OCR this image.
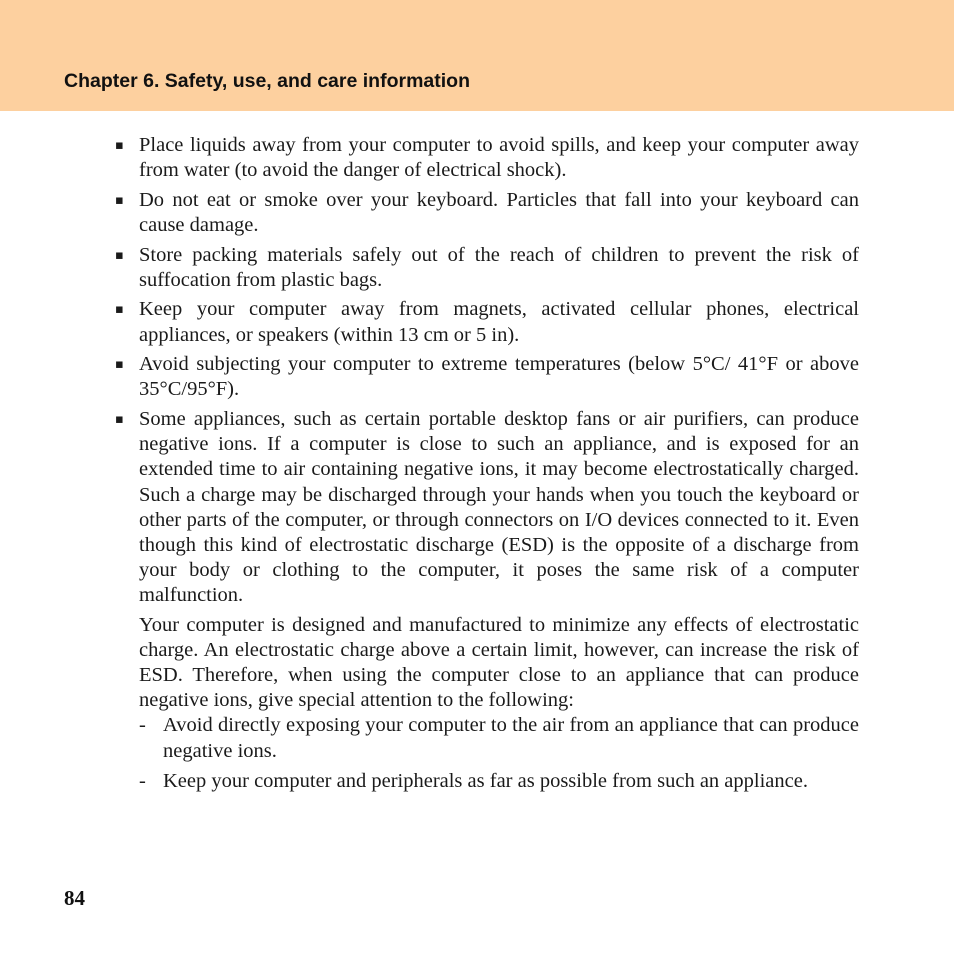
Chapter 6. Safety, use, and care information
▪ Place liquids away from your computer to avoid spills, and keep your computer away from water (to avoid the danger of electrical shock).
▪ Do not eat or smoke over your keyboard. Particles that fall into your keyboard can cause damage.
▪ Store packing materials safely out of the reach of children to prevent the risk of suffocation from plastic bags.
▪ Keep your computer away from magnets, activated cellular phones, electrical appliances, or speakers (within 13 cm or 5 in).
▪ Avoid subjecting your computer to extreme temperatures (below 5°C/ 41°F or above 35°C/95°F).
▪ Some appliances, such as certain portable desktop fans or air purifiers, can produce negative ions. If a computer is close to such an appliance, and is exposed for an extended time to air containing negative ions, it may become electrostatically charged. Such a charge may be discharged through your hands when you touch the keyboard or other parts of the computer, or through connectors on I/O devices connected to it. Even though this kind of electrostatic discharge (ESD) is the opposite of a discharge from your body or clothing to the computer, it poses the same risk of a computer malfunction.

Your computer is designed and manufactured to minimize any effects of electrostatic charge. An electrostatic charge above a certain limit, however, can increase the risk of ESD. Therefore, when using the computer close to an appliance that can produce negative ions, give special attention to the following:

- Avoid directly exposing your computer to the air from an appliance that can produce negative ions.
- Keep your computer and peripherals as far as possible from such an appliance.
84
